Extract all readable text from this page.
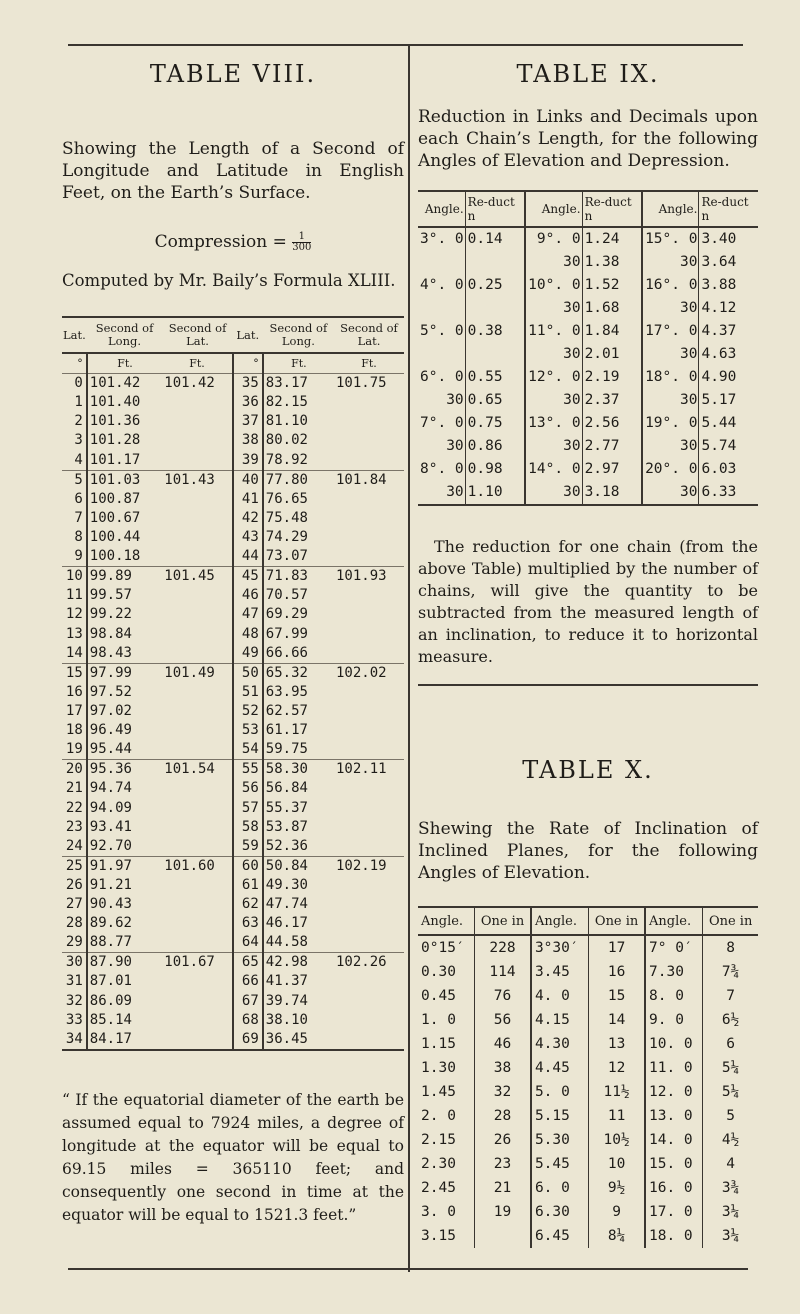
TABLE VIII.
Showing the Length of a Second of Longitude and Latitude in English Feet, on the Earth’s Surface.
Compression = $\frac{1}{300}$
Computed by Mr. Baily’s Formula XLIII.
Lat.	Second of Long.	Second of Lat.	Lat.	Second of Long.	Second of Lat.
°	Ft.	Ft.	°	Ft.	Ft.
0	101.42	101.42	35	83.17	101.75
1	101.40		36	82.15	
2	101.36		37	81.10	
3	101.28		38	80.02	
4	101.17		39	78.92	
5	101.03	101.43	40	77.80	101.84
6	100.87		41	76.65	
7	100.67		42	75.48	
8	100.44		43	74.29	
9	100.18		44	73.07	
10	99.89	101.45	45	71.83	101.93
11	99.57		46	70.57	
12	99.22		47	69.29	
13	98.84		48	67.99	
14	98.43		49	66.66	
15	97.99	101.49	50	65.32	102.02
16	97.52		51	63.95	
17	97.02		52	62.57	
18	96.49		53	61.17	
19	95.44		54	59.75	
20	95.36	101.54	55	58.30	102.11
21	94.74		56	56.84	
22	94.09		57	55.37	
23	93.41		58	53.87	
24	92.70		59	52.36	
25	91.97	101.60	60	50.84	102.19
26	91.21		61	49.30	
27	90.43		62	47.74	
28	89.62		63	46.17	
29	88.77		64	44.58	
30	87.90	101.67	65	42.98	102.26
31	87.01		66	41.37	
32	86.09		67	39.74	
33	85.14		68	38.10	
34	84.17		69	36.45	
“ If the equatorial diameter of the earth be assumed equal to 7924 miles, a degree of longitude at the equator will be equal to 69.15 miles = 365110 feet; and consequently one second in time at the equator will be equal to 1521.3 feet.”
TABLE IX.
Reduction in Links and Decimals upon each Chain’s Length, for the following Angles of Elevation and Depression.
Angle.	Re-duct n	Angle.	Re-duct n	Angle.	Re-duct n
3°. 0	0.14	9°. 0	1.24	15°. 0	3.40
		30	1.38	30	3.64
4°. 0	0.25	10°. 0	1.52	16°. 0	3.88
		30	1.68	30	4.12
5°. 0	0.38	11°. 0	1.84	17°. 0	4.37
		30	2.01	30	4.63
6°. 0	0.55	12°. 0	2.19	18°. 0	4.90
30	0.65	30	2.37	30	5.17
7°. 0	0.75	13°. 0	2.56	19°. 0	5.44
30	0.86	30	2.77	30	5.74
8°. 0	0.98	14°. 0	2.97	20°. 0	6.03
30	1.10	30	3.18	30	6.33
The reduction for one chain (from the above Table) multiplied by the number of chains, will give the quantity to be subtracted from the measured length of an inclination, to reduce it to horizontal measure.
TABLE X.
Shewing the Rate of Inclination of Inclined Planes, for the following Angles of Elevation.
Angle.	One in	Angle.	One in	Angle.	One in
0°15′	228	3°30′	17	7° 0′	8
0.30	114	3.45	16	7.30	7¾
0.45	76	4. 0	15	8. 0	7
1. 0	56	4.15	14	9. 0	6½
1.15	46	4.30	13	10. 0	6
1.30	38	4.45	12	11. 0	5¼
1.45	32	5. 0	11½	12. 0	5¼
2. 0	28	5.15	11	13. 0	5
2.15	26	5.30	10½	14. 0	4½
2.30	23	5.45	10	15. 0	4
2.45	21	6. 0	9½	16. 0	3¾
3. 0	19	6.30	9	17. 0	3¼
3.15		6.45	8¼	18. 0	3¼
